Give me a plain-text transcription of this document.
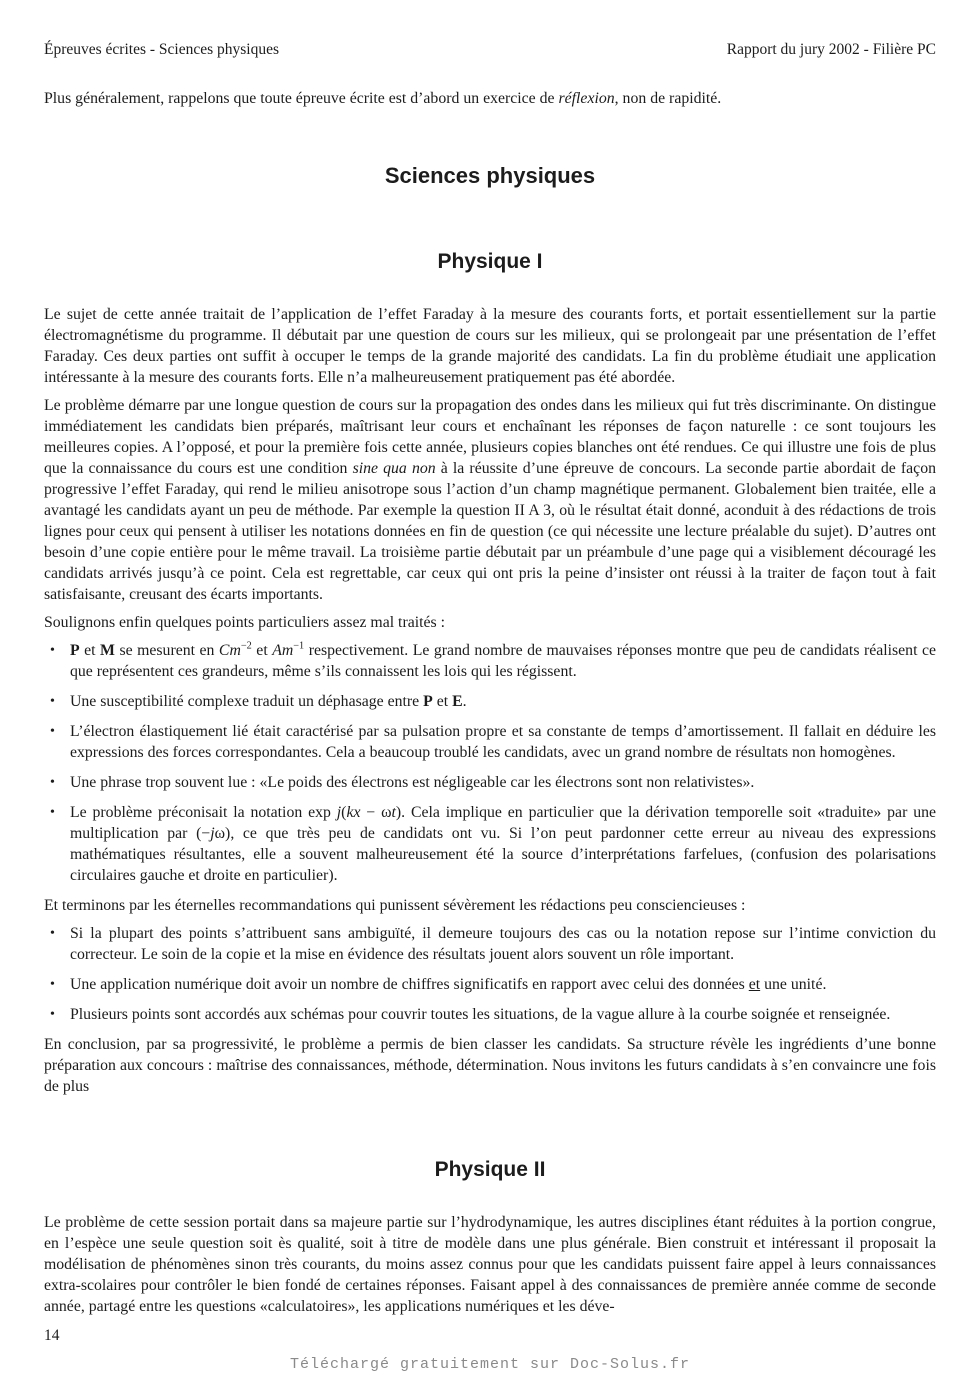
Épreuves écrites - Sciences physiques	Rapport du jury 2002 - Filière PC

Plus généralement, rappelons que toute épreuve écrite est d’abord un exercice de réflexion, non de rapidité.

Sciences physiques
Physique I

Le sujet de cette année traitait de l’application de l’effet Faraday à la mesure des courants forts, et portait essentiellement sur la partie électromagnétisme du programme. Il débutait par une question de cours sur les milieux, qui se prolongeait par une présentation de l’effet Faraday. Ces deux parties ont suffit à occuper le temps de la grande majorité des candidats. La fin du problème étudiait une application intéressante à la mesure des courants forts. Elle n’a malheureusement pratiquement pas été abordée.

Le problème démarre par une longue question de cours sur la propagation des ondes dans les milieux qui fut très discriminante. On distingue immédiatement les candidats bien préparés, maîtrisant leur cours et enchaînant les réponses de façon naturelle : ce sont toujours les meilleures copies. A l’opposé, et pour la première fois cette année, plusieurs copies blanches ont été rendues. Ce qui illustre une fois de plus que la connaissance du cours est une condition sine qua non à la réussite d’une épreuve de concours. La seconde partie abordait de façon progressive l’effet Faraday, qui rend le milieu anisotrope sous l’action d’un champ magnétique permanent. Globalement bien traitée, elle a avantagé les candidats ayant un peu de méthode. Par exemple la question II A 3, où le résultat était donné, aconduit à des rédactions de trois lignes pour ceux qui pensent à utiliser les notations données en fin de question (ce qui nécessite une lecture préalable du sujet). D’autres ont besoin d’une copie entière pour le même travail. La troisième partie débutait par un préambule d’une page qui a visiblement découragé les candidats arrivés jusqu’à ce point. Cela est regrettable, car ceux qui ont pris la peine d’insister ont réussi à la traiter de façon tout à fait satisfaisante, creusant des écarts importants.

Soulignons enfin quelques points particuliers assez mal traités :

• P et M se mesurent en $Cm^{-2}$ et $Am^{-1}$ respectivement. Le grand nombre de mauvaises réponses montre que peu de candidats réalisent ce que représentent ces grandeurs, même s’ils connaissent les lois qui les régissent.
• Une susceptibilité complexe traduit un déphasage entre P et E.
• L’électron élastiquement lié était caractérisé par sa pulsation propre et sa constante de temps d’amortissement. Il fallait en déduire les expressions des forces correspondantes. Cela a beaucoup troublé les candidats, avec un grand nombre de résultats non homogènes.
• Une phrase trop souvent lue : «Le poids des électrons est négligeable car les électrons sont non relativistes».
• Le problème préconisait la notation exp j(kx − ωt). Cela implique en particulier que la dérivation temporelle soit «traduite» par une multiplication par (−jω), ce que très peu de candidats ont vu. Si l’on peut pardonner cette erreur au niveau des expressions mathématiques résultantes, elle a souvent malheureusement été la source d’interprétations farfelues, (confusion des polarisations circulaires gauche et droite en particulier).

Et terminons par les éternelles recommandations qui punissent sévèrement les rédactions peu consciencieuses :

• Si la plupart des points s’attribuent sans ambiguïté, il demeure toujours des cas ou la notation repose sur l’intime conviction du correcteur. Le soin de la copie et la mise en évidence des résultats jouent alors souvent un rôle important.
• Une application numérique doit avoir un nombre de chiffres significatifs en rapport avec celui des données et une unité.
• Plusieurs points sont accordés aux schémas pour couvrir toutes les situations, de la vague allure à la courbe soignée et renseignée.

En conclusion, par sa progressivité, le problème a permis de bien classer les candidats. Sa structure révèle les ingrédients d’une bonne préparation aux concours : maîtrise des connaissances, méthode, détermination. Nous invitons les futurs candidats à s’en convaincre une fois de plus

Physique II

Le problème de cette session portait dans sa majeure partie sur l’hydrodynamique, les autres disciplines étant réduites à la portion congrue, en l’espèce une seule question soit ès qualité, soit à titre de modèle dans une plus générale. Bien construit et intéressant il proposait la modélisation de phénomènes sinon très courants, du moins assez connus pour que les candidats puissent faire appel à leurs connaissances extra-scolaires pour contrôler le bien fondé de certaines réponses. Faisant appel à des connaissances de première année comme de seconde année, partagé entre les questions «calculatoires», les applications numériques et les déve-

14
Téléchargé gratuitement sur Doc-Solus.fr
